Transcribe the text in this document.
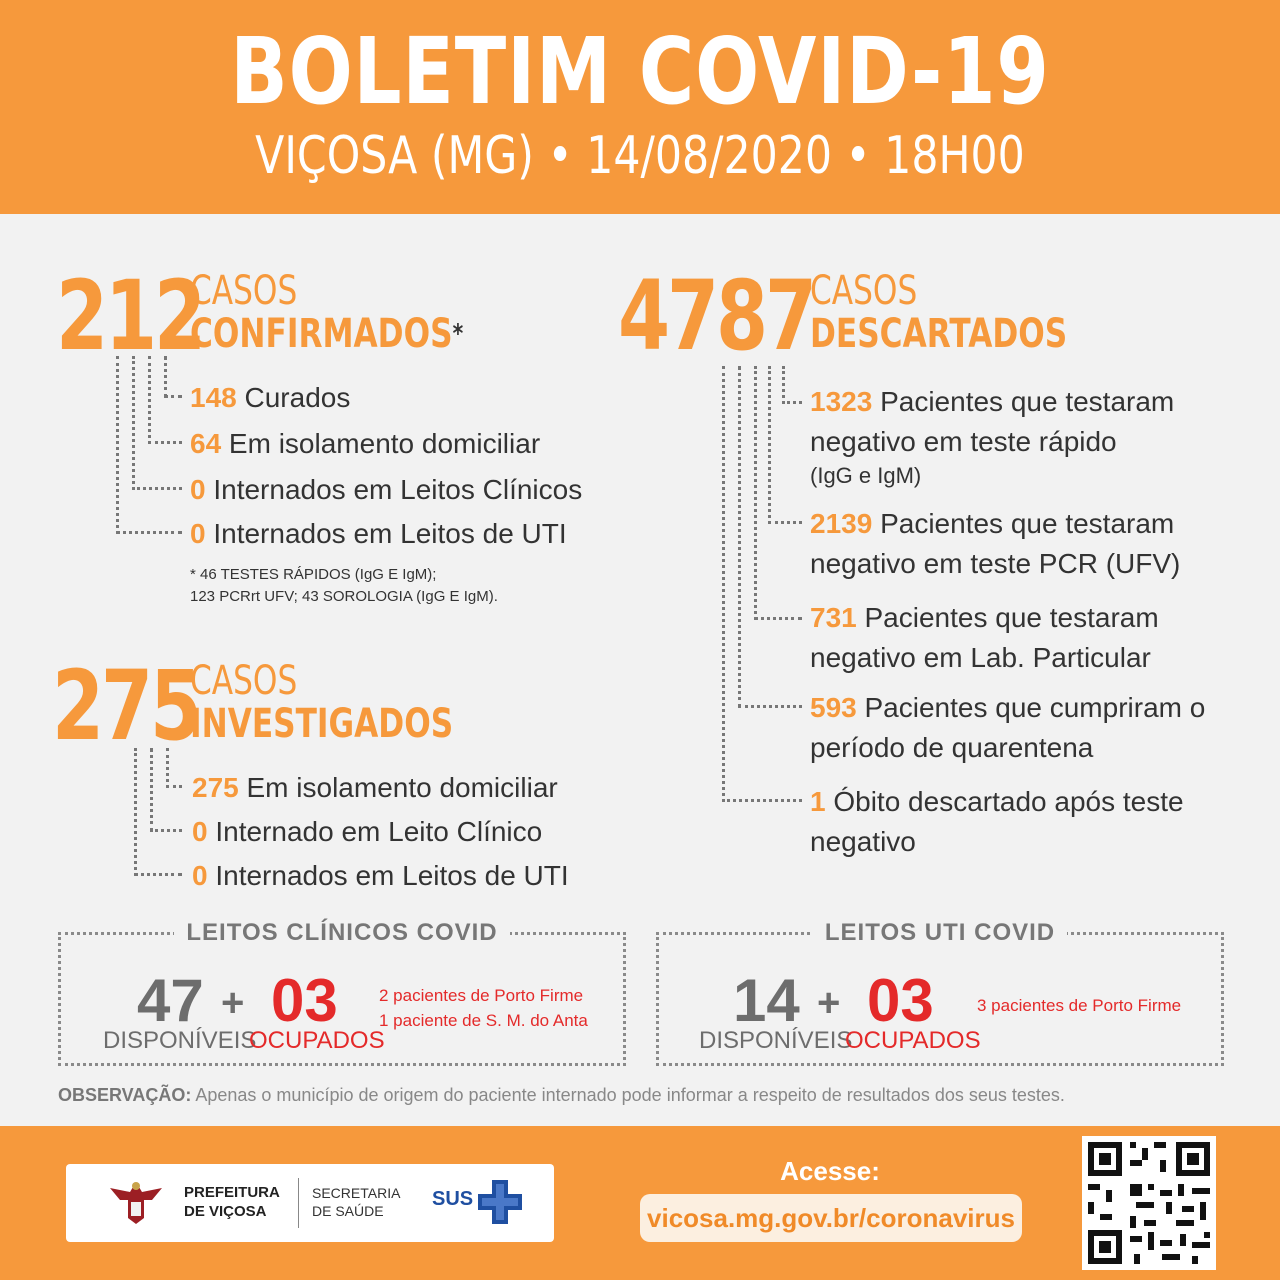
BOLETIM COVID-19
VIÇOSA (MG) • 14/08/2020 • 18H00
212
CASOS
CONFIRMADOS*
148 Curados
64 Em isolamento domiciliar
0 Internados em Leitos Clínicos
0 Internados em Leitos de UTI
* 46 TESTES RÁPIDOS (IgG E IgM);
123 PCRrt UFV; 43 SOROLOGIA (IgG E IgM).
275
CASOS
INVESTIGADOS
275 Em isolamento domiciliar
0 Internado em Leito Clínico
0 Internados em Leitos de UTI
4787
CASOS
DESCARTADOS
1323 Pacientes que testaram negativo em teste rápido
(IgG e IgM)
2139 Pacientes que testaram negativo em teste PCR (UFV)
731 Pacientes que testaram negativo em Lab. Particular
593 Pacientes que cumpriram o período de quarentena
1 Óbito descartado após teste negativo
LEITOS CLÍNICOS COVID
47
DISPONÍVEIS
+ 03
OCUPADOS
2 pacientes de Porto Firme
1 paciente de S. M. do Anta
LEITOS UTI COVID
14
DISPONÍVEIS
+ 03
OCUPADOS
3 pacientes de Porto Firme
OBSERVAÇÃO: Apenas o município de origem do paciente internado pode informar a respeito de resultados dos seus testes.
PREFEITURA
DE VIÇOSA
SECRETARIA
DE SAÚDE
SUS
Acesse:
vicosa.mg.gov.br/coronavirus
